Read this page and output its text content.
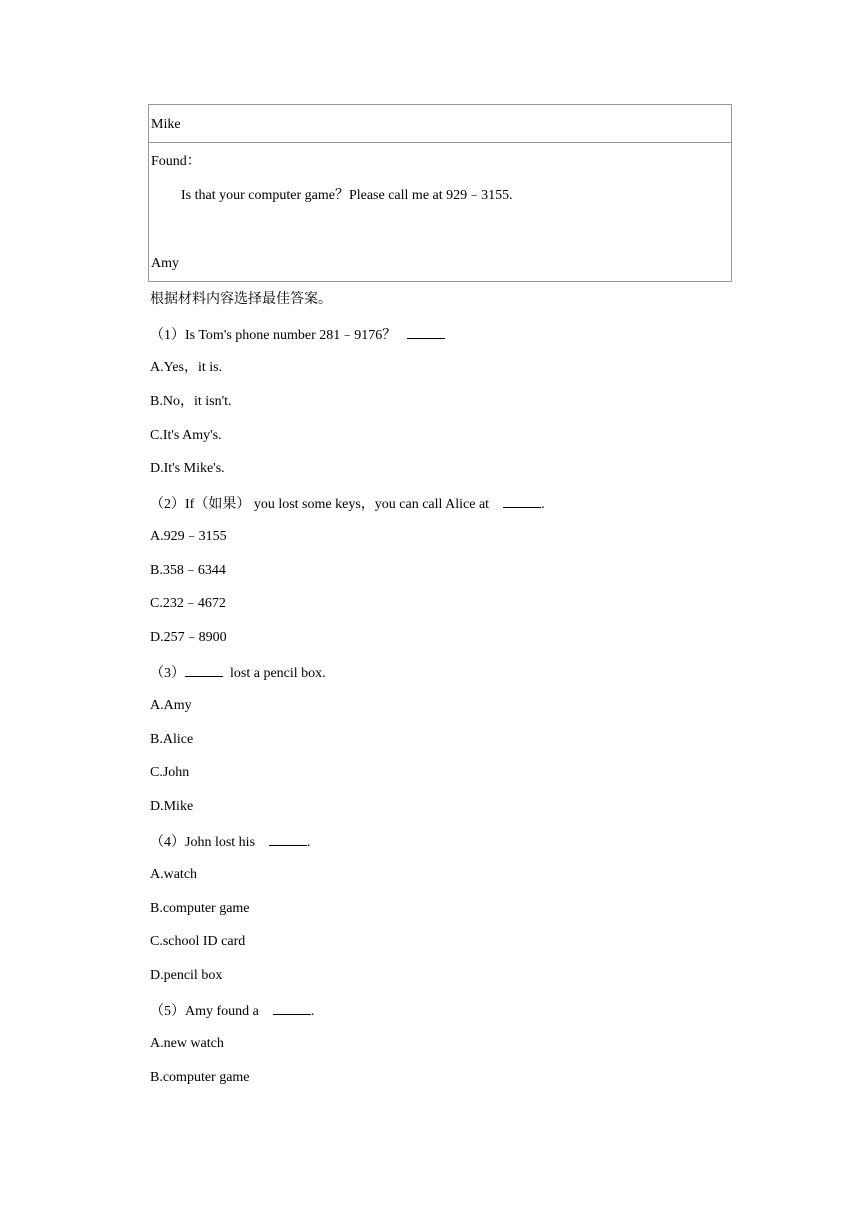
Mike

Found：
Is that your computer game？Please call me at 929﹣3155.
Amy
根据材料内容选择最佳答案。
（1）Is Tom's phone number 281﹣9176？
A.Yes，it is.
B.No，it isn't.
C.It's Amy's.
D.It's Mike's.
（2）If（如果） you lost some keys，you can call Alice at	.
A.929﹣3155
B.358﹣6344
C.232﹣4672
D.257﹣8900
（3）	lost a pencil box.
A.Amy
B.Alice
C.John
D.Mike
（4）John lost his	.
A.watch
B.computer game
C.school ID card
D.pencil box
（5）Amy found a	.
A.new watch
B.computer game
